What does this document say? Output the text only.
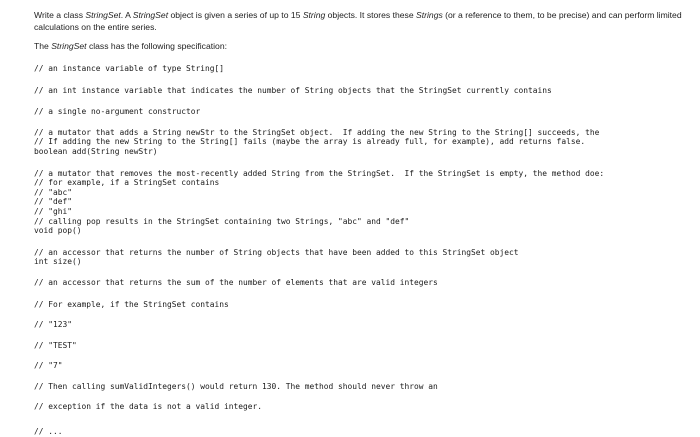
Write a class StringSet. A StringSet object is given a series of up to 15 String objects. It stores these Strings (or a reference to them, to be precise) and can perform limited calculations on the entire series.

The StringSet class has the following specification:

// an instance variable of type String[]
// an int instance variable that indicates the number of String objects that the StringSet currently contains
// a single no-argument constructor
// a mutator that adds a String newStr to the StringSet object.  If adding the new String to the String[] succeeds, the
// If adding the new String to the String[] fails (maybe the array is already full, for example), add returns false.
boolean add(String newStr)
// a mutator that removes the most-recently added String from the StringSet.  If the StringSet is empty, the method doe:
// for example, if a StringSet contains
// "abc"
// "def"
// "ghi"
// calling pop results in the StringSet containing two Strings, "abc" and "def"
void pop()
// an accessor that returns the number of String objects that have been added to this StringSet object
int size()
// an accessor that returns the sum of the number of elements that are valid integers
// For example, if the StringSet contains
// "123"
// "TEST"
// "7"
// Then calling sumValidIntegers() would return 130. The method should never throw an
// exception if the data is not a valid integer.
// ...
